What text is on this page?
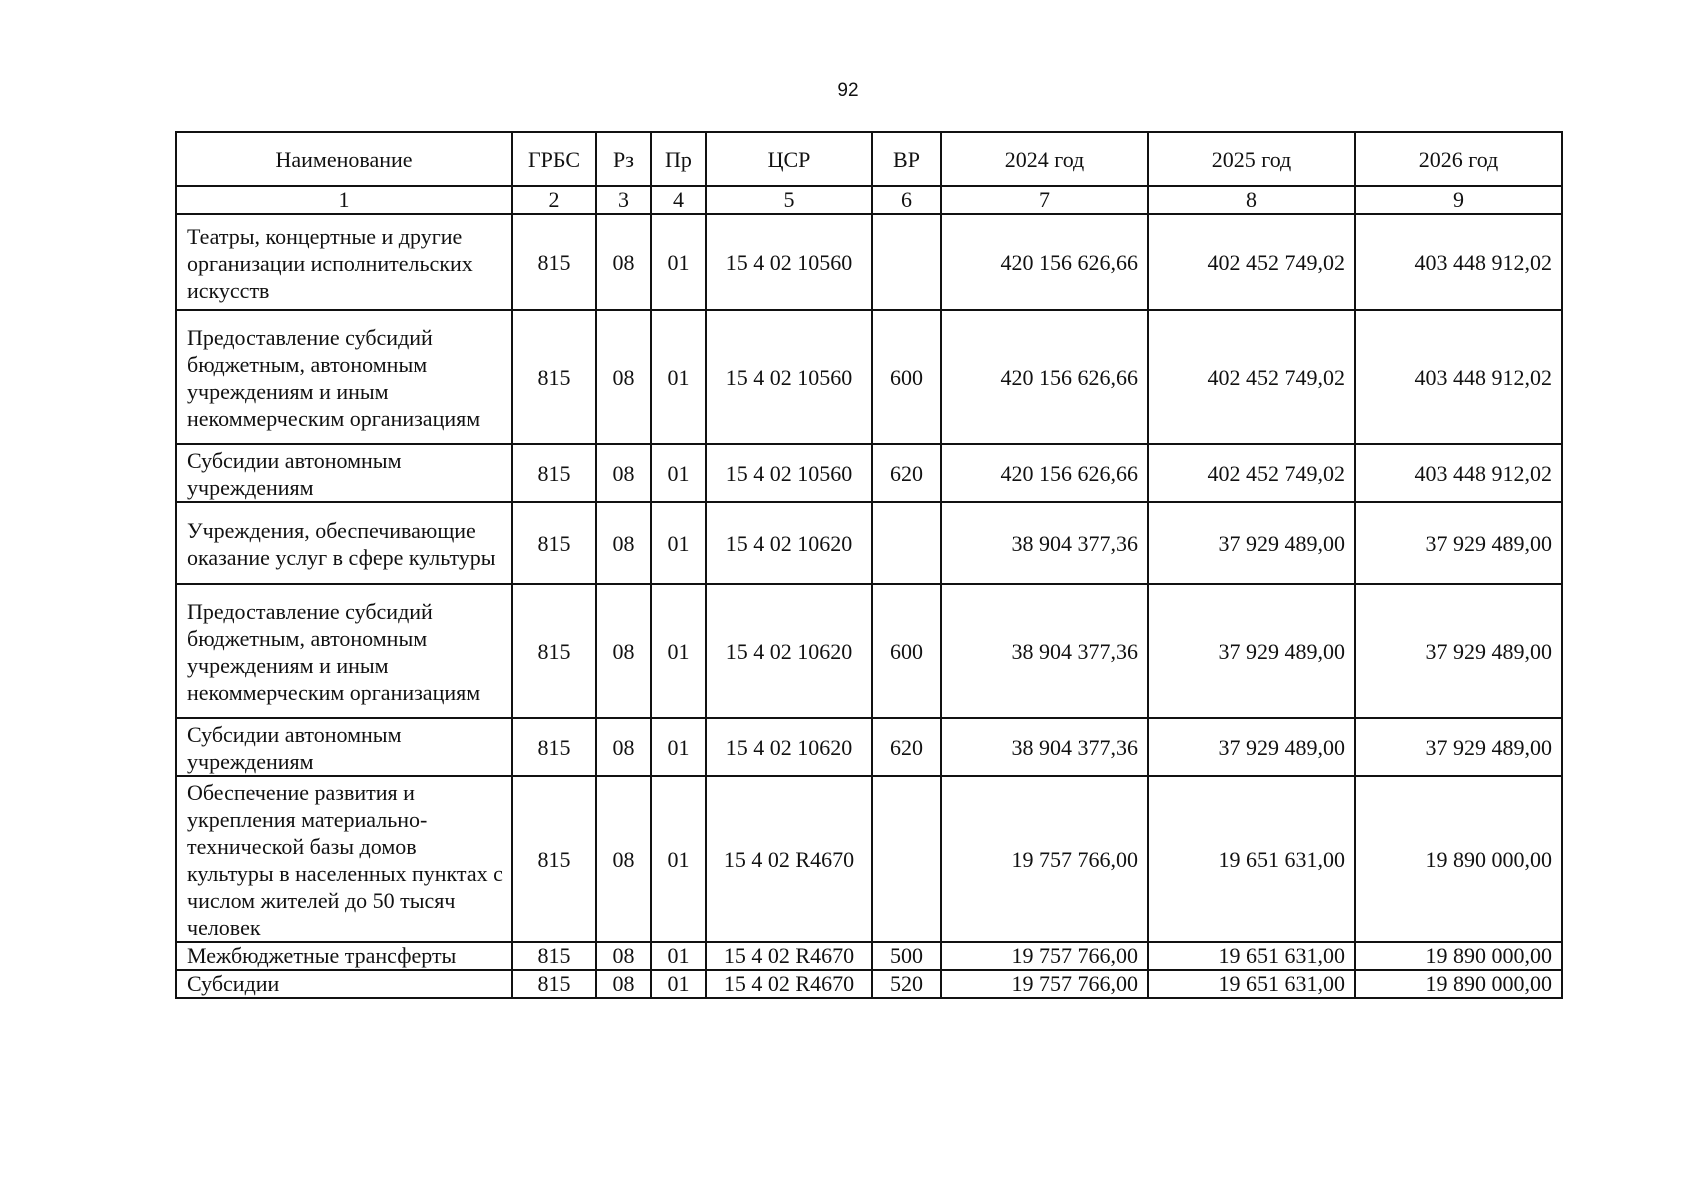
92
Наименование	ГРБС	Рз	Пр	ЦСР	ВР	2024 год	2025 год	2026 год
1	2	3	4	5	6	7	8	9
Театры, концертные и другие организации исполнительских искусств	815	08	01	15 4 02 10560		420 156 626,66	402 452 749,02	403 448 912,02
Предоставление субсидий бюджетным, автономным учреждениям и иным некоммерческим организациям	815	08	01	15 4 02 10560	600	420 156 626,66	402 452 749,02	403 448 912,02
Субсидии автономным учреждениям	815	08	01	15 4 02 10560	620	420 156 626,66	402 452 749,02	403 448 912,02
Учреждения, обеспечивающие оказание услуг в сфере культуры	815	08	01	15 4 02 10620		38 904 377,36	37 929 489,00	37 929 489,00
Предоставление субсидий бюджетным, автономным учреждениям и иным некоммерческим организациям	815	08	01	15 4 02 10620	600	38 904 377,36	37 929 489,00	37 929 489,00
Субсидии автономным учреждениям	815	08	01	15 4 02 10620	620	38 904 377,36	37 929 489,00	37 929 489,00
Обеспечение развития и укрепления материально-технической базы домов культуры в населенных пунктах с числом жителей до 50 тысяч человек	815	08	01	15 4 02 R4670		19 757 766,00	19 651 631,00	19 890 000,00
Межбюджетные трансферты	815	08	01	15 4 02 R4670	500	19 757 766,00	19 651 631,00	19 890 000,00
Субсидии	815	08	01	15 4 02 R4670	520	19 757 766,00	19 651 631,00	19 890 000,00
